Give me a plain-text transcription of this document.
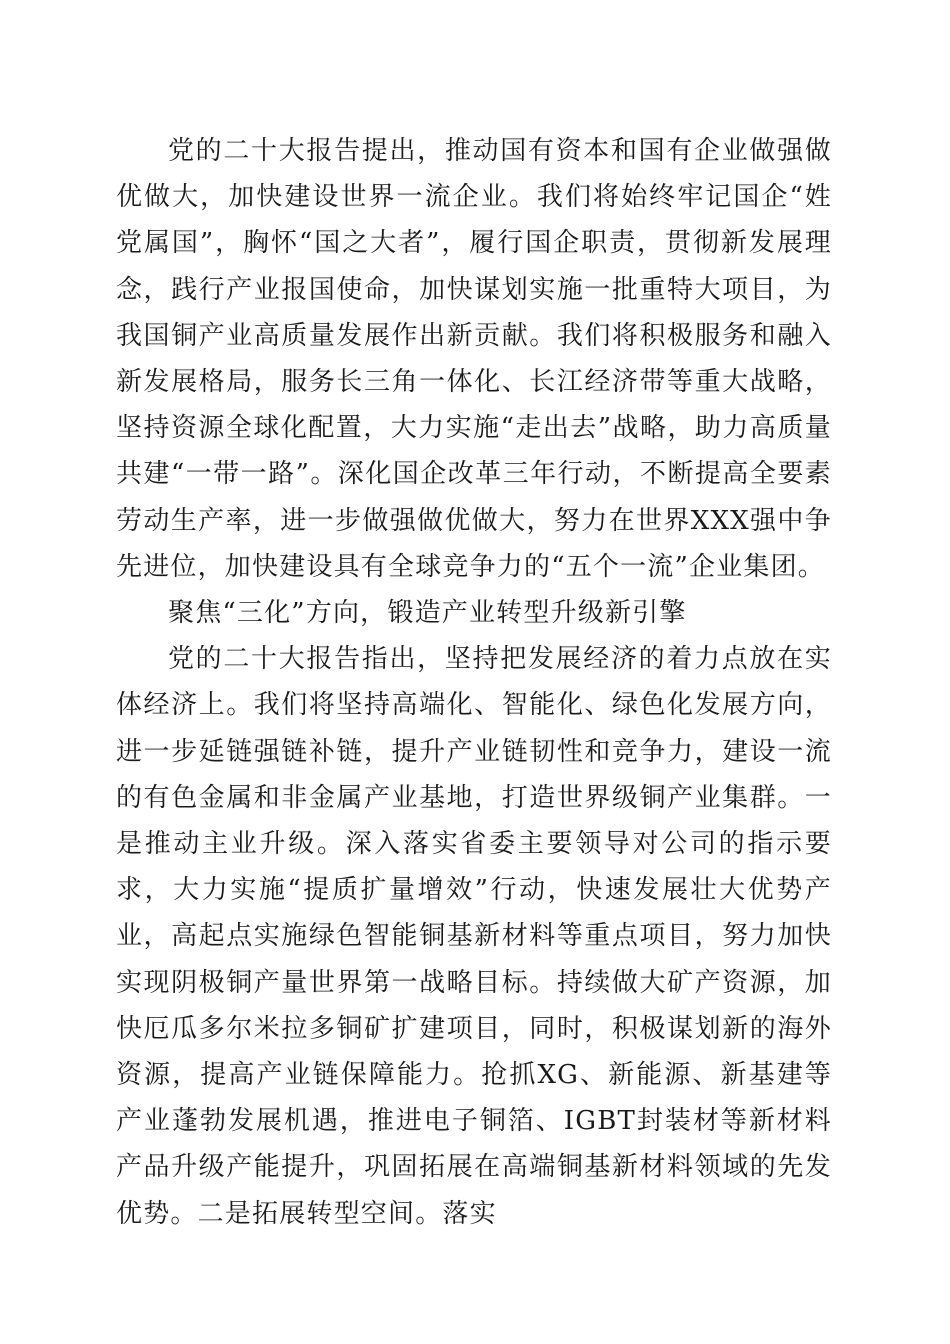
党的二十大报告提出，推动国有资本和国有企业做强做优做大，加快建设世界一流企业。我们将始终牢记国企“姓党属国”，胸怀“国之大者”，履行国企职责，贯彻新发展理念，践行产业报国使命，加快谋划实施一批重特大项目，为我国铜产业高质量发展作出新贡献。我们将积极服务和融入新发展格局，服务长三角一体化、长江经济带等重大战略，坚持资源全球化配置，大力实施“走出去”战略，助力高质量共建“一带一路”。深化国企改革三年行动，不断提高全要素劳动生产率，进一步做强做优做大，努力在世界XXX强中争先进位，加快建设具有全球竞争力的“五个一流”企业集团。

聚焦“三化”方向，锻造产业转型升级新引擎

党的二十大报告指出，坚持把发展经济的着力点放在实体经济上。我们将坚持高端化、智能化、绿色化发展方向，进一步延链强链补链，提升产业链韧性和竞争力，建设一流的有色金属和非金属产业基地，打造世界级铜产业集群。一是推动主业升级。深入落实省委主要领导对公司的指示要求，大力实施“提质扩量增效”行动，快速发展壮大优势产业，高起点实施绿色智能铜基新材料等重点项目，努力加快实现阴极铜产量世界第一战略目标。持续做大矿产资源，加快厄瓜多尔米拉多铜矿扩建项目，同时，积极谋划新的海外资源，提高产业链保障能力。抢抓XG、新能源、新基建等产业蓬勃发展机遇，推进电子铜箔、IGBT封装材等新材料产品升级产能提升，巩固拓展在高端铜基新材料领域的先发优势。二是拓展转型空间。落实
